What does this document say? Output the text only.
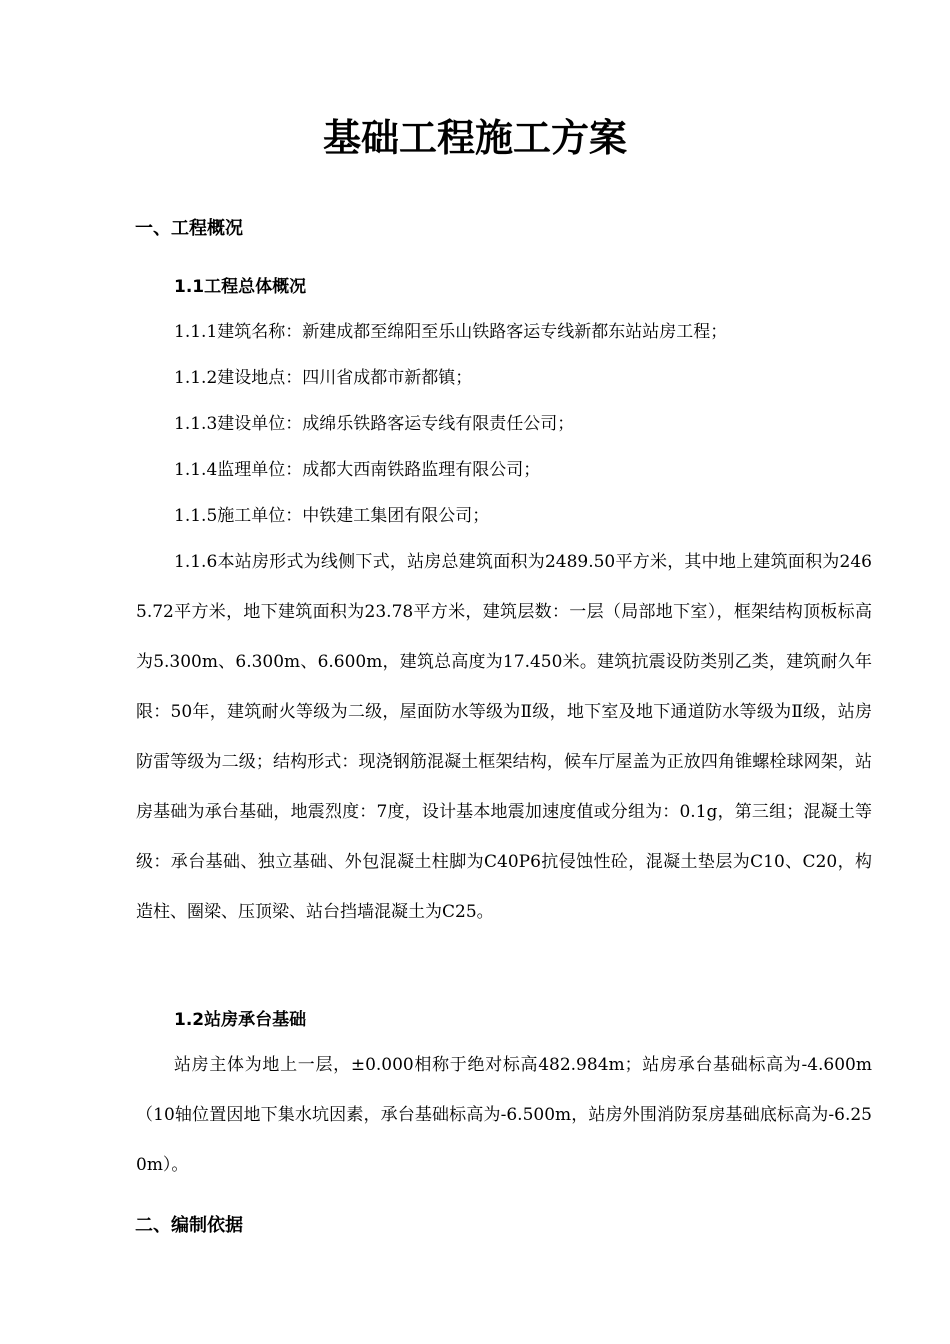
基础工程施工方案
一、工程概况
1.1工程总体概况
1.1.1建筑名称：新建成都至绵阳至乐山铁路客运专线新都东站站房工程；
1.1.2建设地点：四川省成都市新都镇；
1.1.3建设单位：成绵乐铁路客运专线有限责任公司；
1.1.4监理单位：成都大西南铁路监理有限公司；
1.1.5施工单位：中铁建工集团有限公司；
1.1.6本站房形式为线侧下式，站房总建筑面积为2489.50平方米，其中地上建筑面积为2465.72平方米，地下建筑面积为23.78平方米，建筑层数：一层（局部地下室），框架结构顶板标高为5.300m、6.300m、6.600m，建筑总高度为17.450米。建筑抗震设防类别乙类，建筑耐久年限：50年，建筑耐火等级为二级，屋面防水等级为Ⅱ级，地下室及地下通道防水等级为Ⅱ级，站房防雷等级为二级；结构形式：现浇钢筋混凝土框架结构，候车厅屋盖为正放四角锥螺栓球网架，站房基础为承台基础，地震烈度：7度，设计基本地震加速度值或分组为：0.1g，第三组；混凝土等级：承台基础、独立基础、外包混凝土柱脚为C40P6抗侵蚀性砼，混凝土垫层为C10、C20，构造柱、圈梁、压顶梁、站台挡墙混凝土为C25。
1.2站房承台基础
站房主体为地上一层，±0.000相称于绝对标高482.984m；站房承台基础标高为-4.600m（10轴位置因地下集水坑因素，承台基础标高为-6.500m，站房外围消防泵房基础底标高为-6.250m）。
二、编制依据
